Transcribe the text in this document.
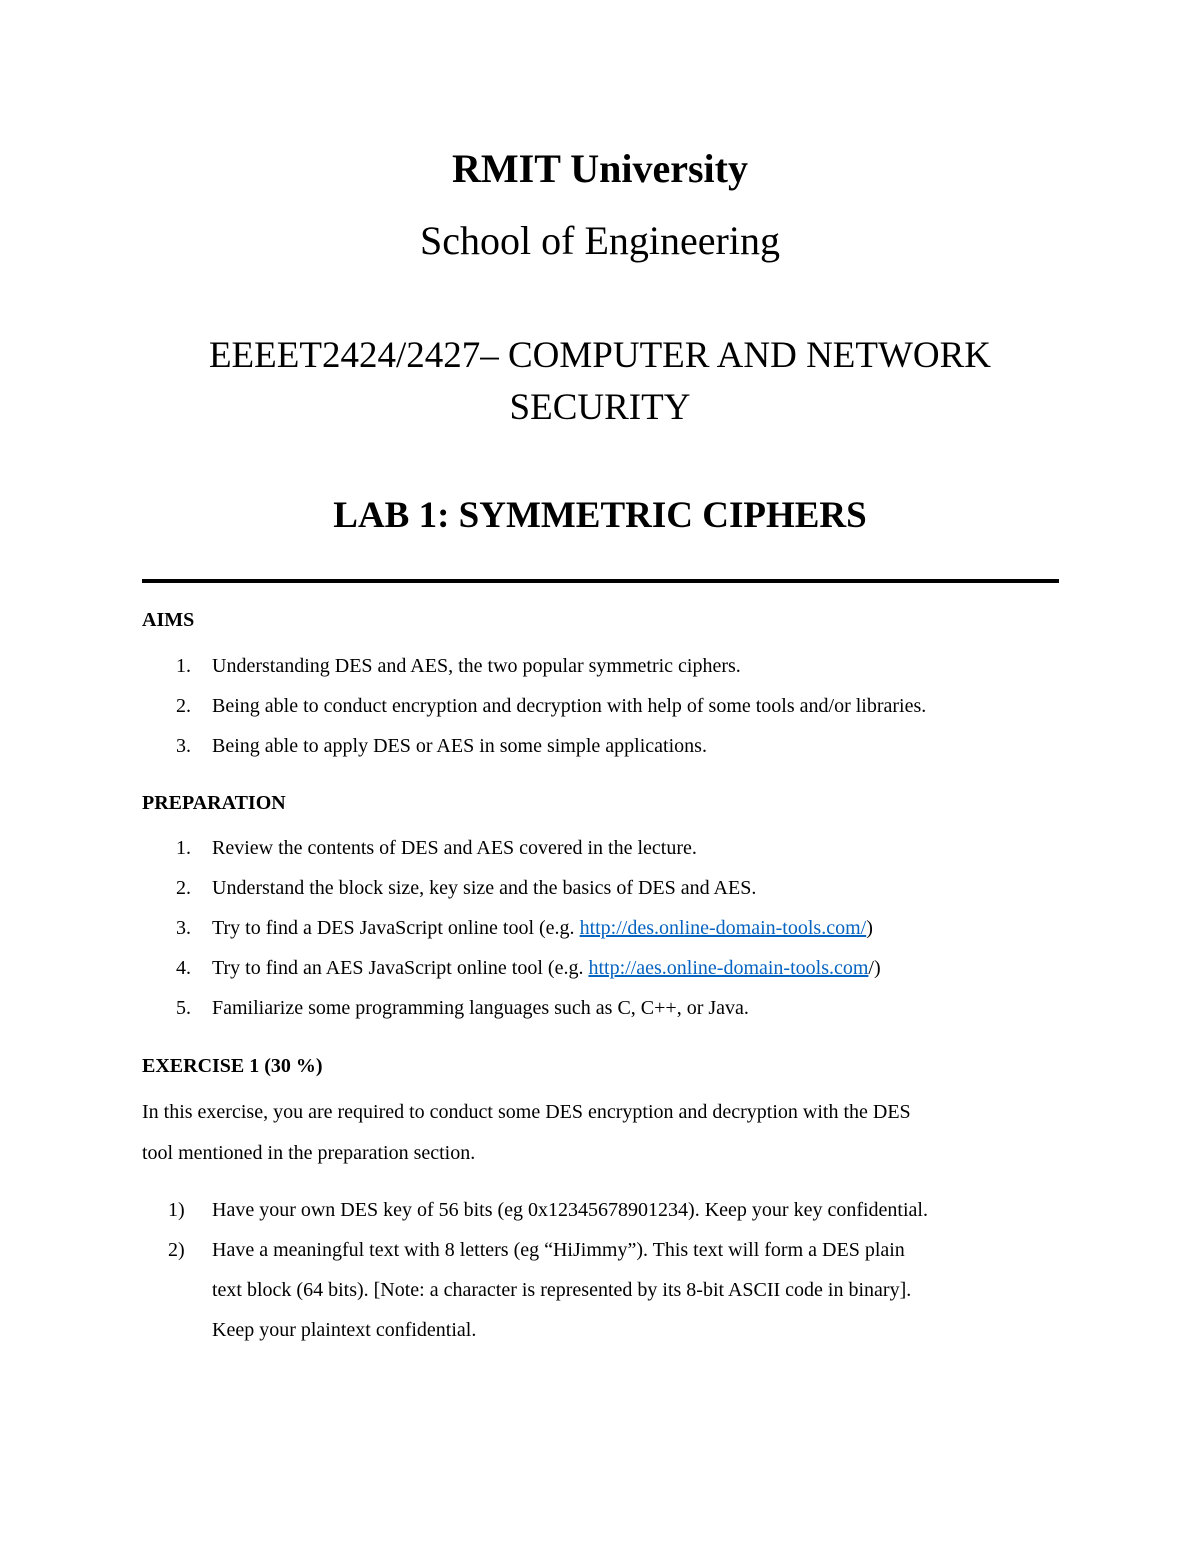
RMIT University
School of Engineering
EEEET2424/2427– COMPUTER AND NETWORK
SECURITY
LAB 1: SYMMETRIC CIPHERS
AIMS
1. Understanding DES and AES, the two popular symmetric ciphers.
2. Being able to conduct encryption and decryption with help of some tools and/or libraries.
3. Being able to apply DES or AES in some simple applications.
PREPARATION
1. Review the contents of DES and AES covered in the lecture.
2. Understand the block size, key size and the basics of DES and AES.
3. Try to find a DES JavaScript online tool (e.g. http://des.online-domain-tools.com/)
4. Try to find an AES JavaScript online tool (e.g. http://aes.online-domain-tools.com/)
5. Familiarize some programming languages such as C, C++, or Java.
EXERCISE 1 (30 %)
In this exercise, you are required to conduct some DES encryption and decryption with the DES
tool mentioned in the preparation section.
1) Have your own DES key of 56 bits (eg 0x12345678901234). Keep your key confidential.
2) Have a meaningful text with 8 letters (eg “HiJimmy”). This text will form a DES plain
text block (64 bits). [Note: a character is represented by its 8-bit ASCII code in binary].
Keep your plaintext confidential.
